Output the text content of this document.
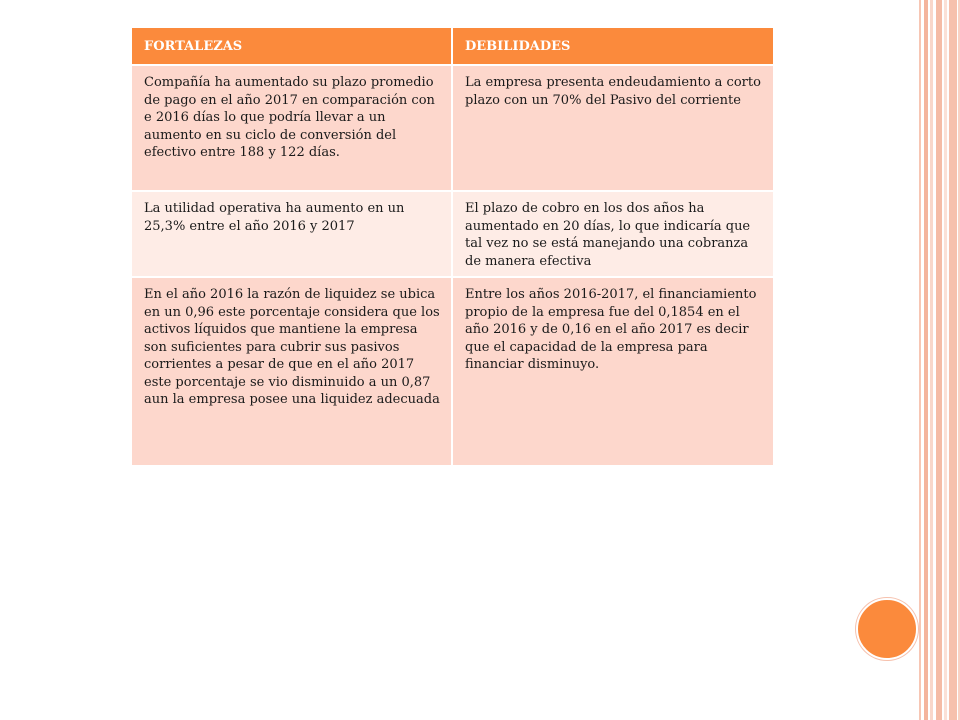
FORTALEZAS	DEBILIDADES
Compañía ha aumentado su plazo promedio de pago en el año 2017 en comparación con e 2016 días lo que podría llevar a un aumento en su ciclo de conversión del efectivo entre 188 y 122 días.	La empresa presenta endeudamiento a corto plazo con un 70% del Pasivo del corriente
La utilidad operativa ha aumento en un 25,3% entre el año 2016 y 2017	El plazo de cobro en los dos años ha aumentado en 20 días, lo que indicaría que tal vez no se está manejando una cobranza de manera efectiva
En el año 2016 la razón de liquidez se ubica en un 0,96 este porcentaje considera que los activos líquidos que mantiene la empresa son suficientes para cubrir sus pasivos corrientes a pesar de que en el año 2017 este porcentaje se vio disminuido a un 0,87 aun la empresa posee una liquidez adecuada	Entre los años 2016-2017, el financiamiento propio de la empresa fue del 0,1854 en el año 2016 y de 0,16 en el año 2017 es decir que el capacidad de la empresa para financiar disminuyo.
